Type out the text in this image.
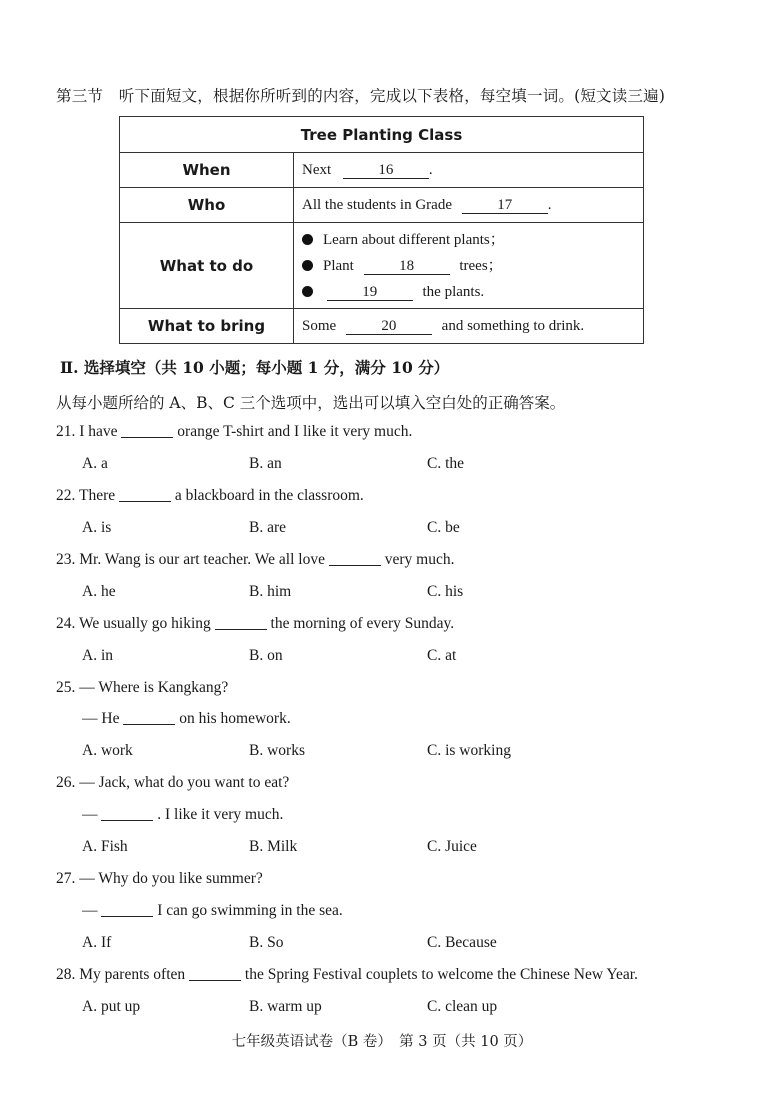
第三节　听下面短文，根据你所听到的内容，完成以下表格，每空填一词。(短文读三遍)
Tree Planting Class	
When	Next 16 .
Who	All the students in Grade 17 .
What to do	Learn about different plants；
Plant 18 trees；
19 the plants.

What to bring	Some 20 and something to drink.
Ⅱ. 选择填空（共 10 小题；每小题 1 分，满分 10 分）
从每小题所给的 A、B、C 三个选项中，选出可以填入空白处的正确答案。
21. I have	orange T-shirt and I like it very much.
A. a	B. an	C. the
22. There	a blackboard in the classroom.
A. is	B. are	C. be
23. Mr. Wang is our art teacher. We all love	very much.
A. he	B. him	C. his
24. We usually go hiking	the morning of every Sunday.
A. in	B. on	C. at
25. — Where is Kangkang?
— He	on his homework.
A. work	B. works	C. is working
26. — Jack, what do you want to eat?
—	. I like it very much.
A. Fish	B. Milk	C. Juice
27. — Why do you like summer?
—	I can go swimming in the sea.
A. If	B. So	C. Because
28. My parents often	the Spring Festival couplets to welcome the Chinese New Year.
A. put up	B. warm up	C. clean up
七年级英语试卷（B 卷）　第 3 页（共 10 页）
